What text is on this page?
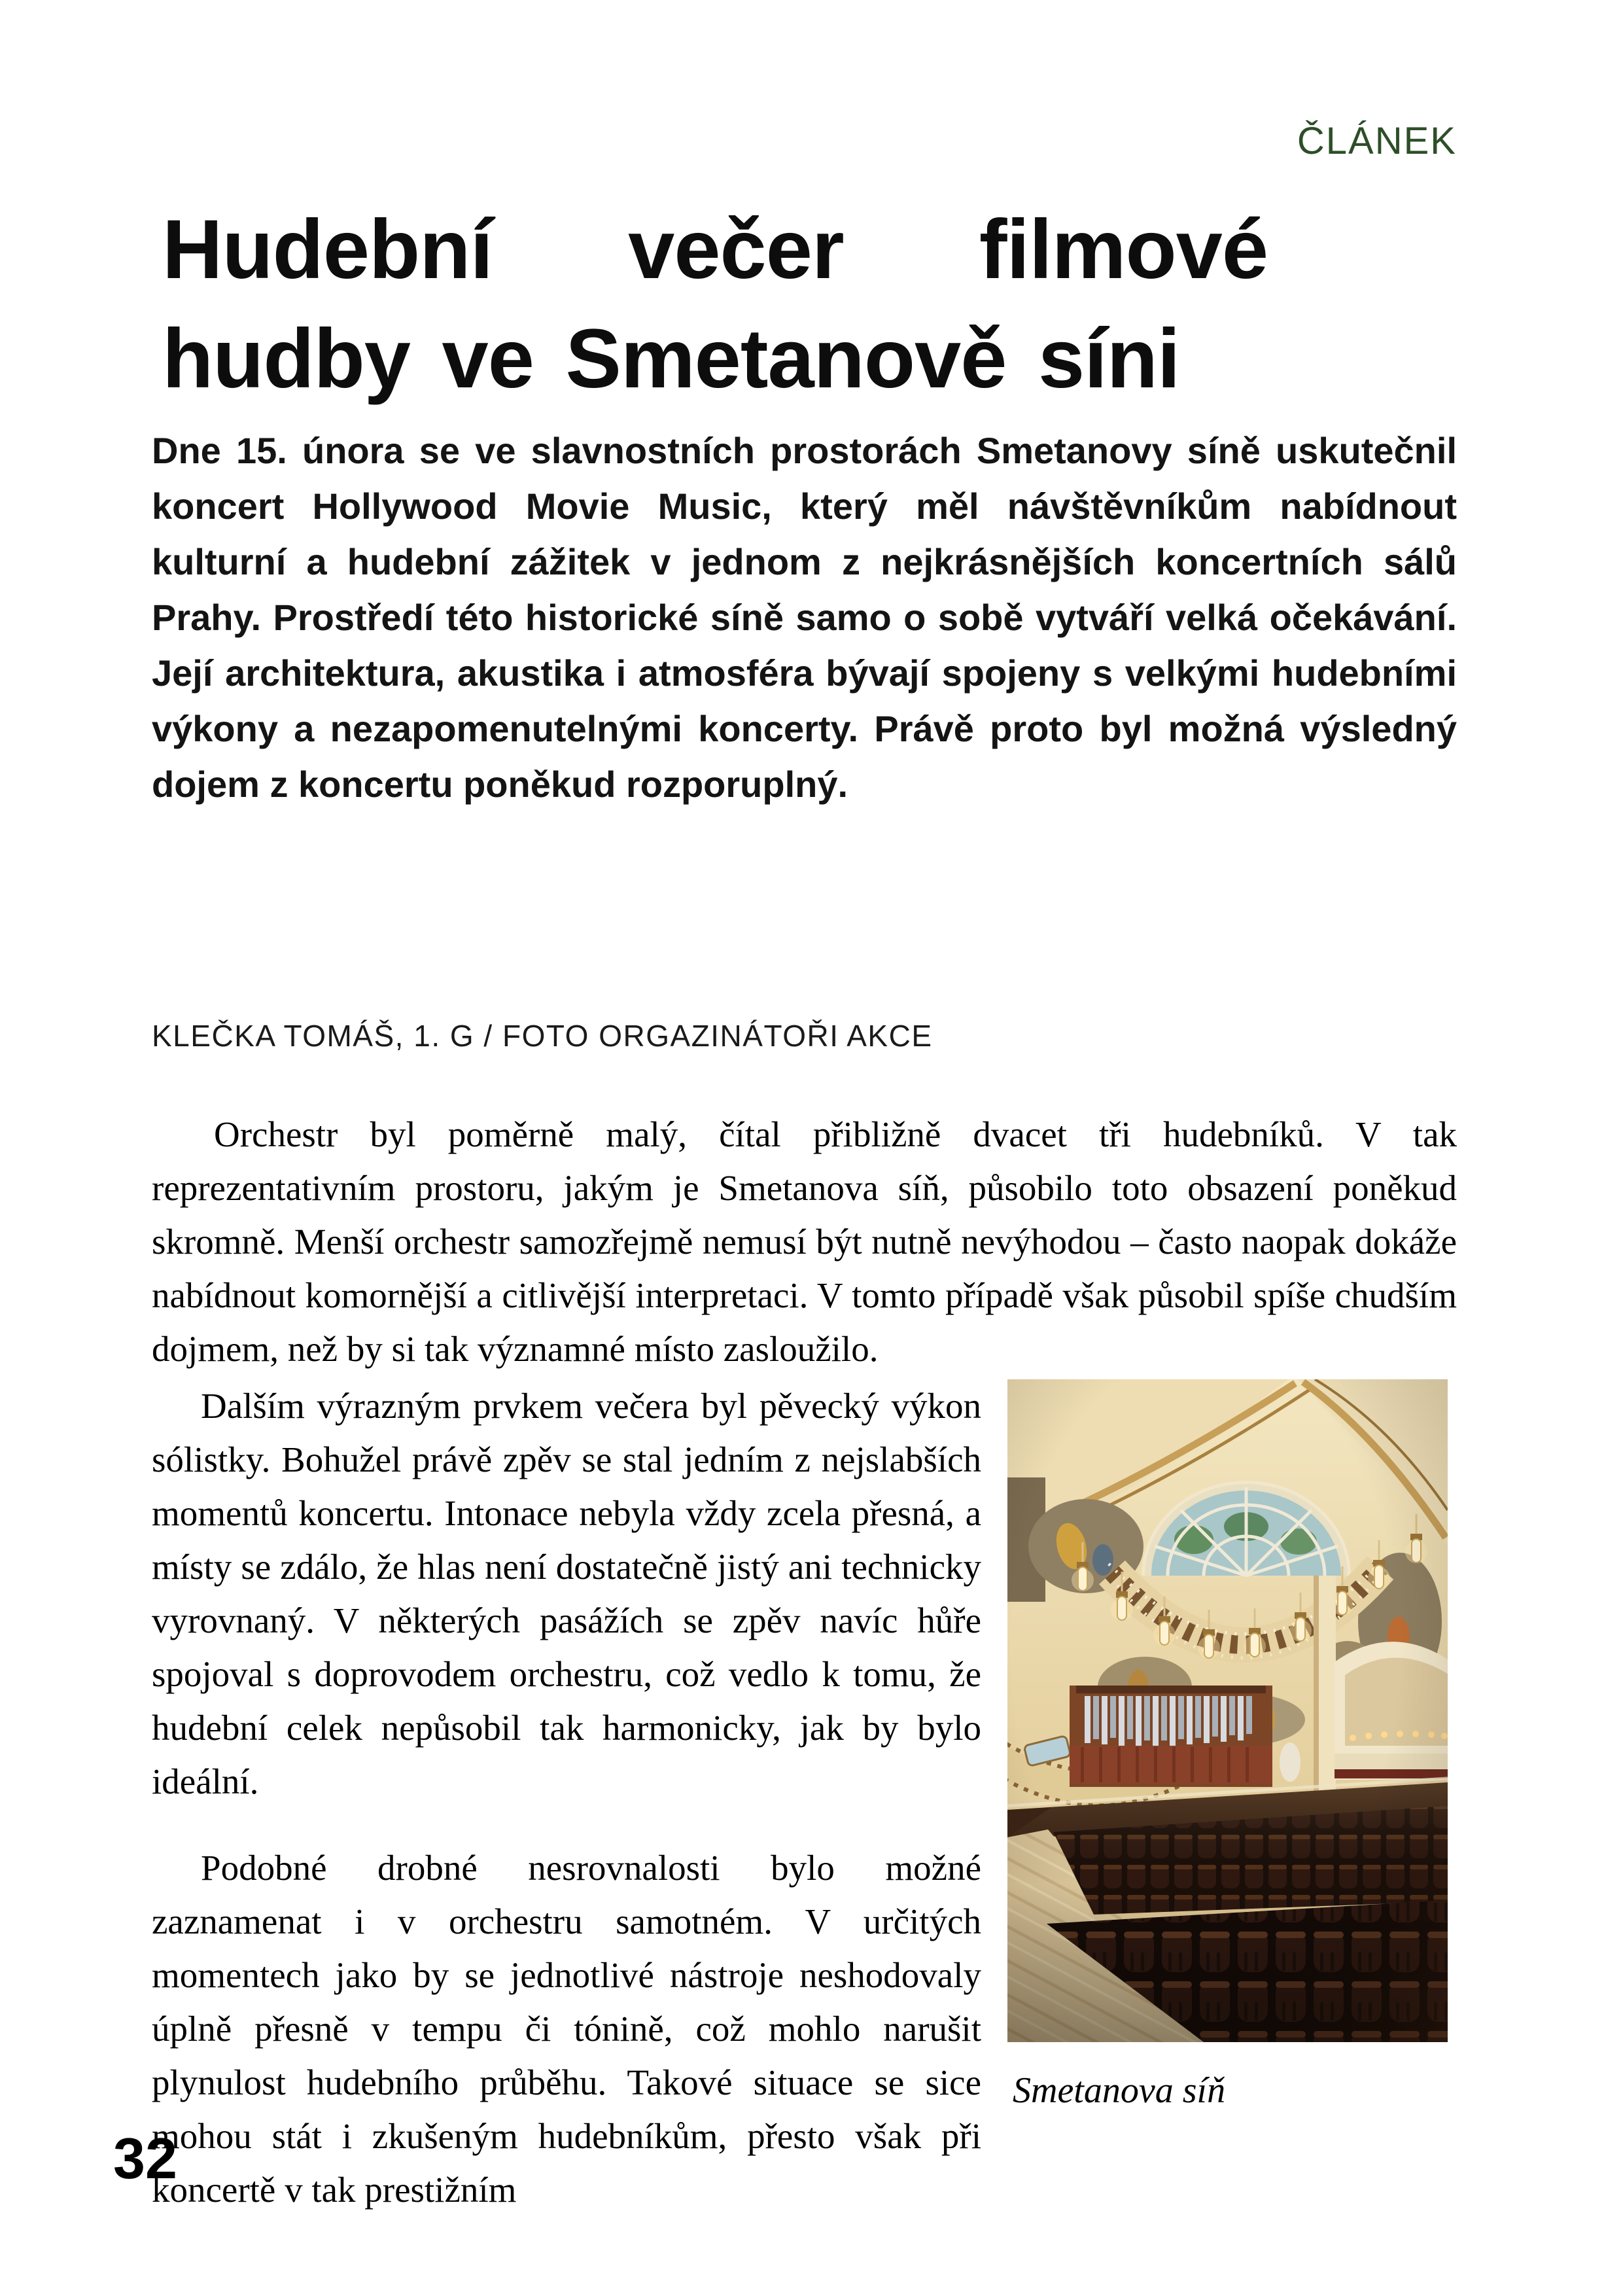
ČLÁNEK
Hudební večer filmové
hudby ve Smetanově síni
Dne 15. února se ve slavnostních prostorách Smetanovy síně uskutečnil koncert Hollywood Movie Music, který měl návštěvníkům nabídnout kulturní a hudební zážitek v jednom z nejkrásnějších koncertních sálů Prahy. Prostředí této historické síně samo o sobě vytváří velká očekávání. Její architektura, akustika i atmosféra bývají spojeny s velkými hudebními výkony a nezapomenutelnými koncerty. Právě proto byl možná výsledný dojem z koncertu poněkud rozporuplný.
KLEČKA TOMÁŠ, 1. G / FOTO ORGAZINÁTOŘI AKCE
Orchestr byl poměrně malý, čítal přibližně dvacet tři hudebníků. V tak reprezentativním prostoru, jakým je Smetanova síň, působilo toto obsazení poněkud skromně. Menší orchestr samozřejmě nemusí být nutně nevýhodou – často naopak dokáže nabídnout komornější a citlivější interpretaci. V tomto případě však působil spíše chudším dojmem, než by si tak významné místo zasloužilo.

Dalším výrazným prvkem večera byl pěvecký výkon sólistky. Bohužel právě zpěv se stal jedním z nejslabších momentů koncertu. Intonace nebyla vždy zcela přesná, a místy se zdálo, že hlas není dostatečně jistý ani technicky vyrovnaný. V některých pasážích se zpěv navíc hůře spojoval s doprovodem orchestru, což vedlo k tomu, že hudební celek nepůsobil tak harmonicky, jak by bylo ideální.

Podobné drobné nesrovnalosti bylo možné zaznamenat i v orchestru samotném. V určitých momentech jako by se jednotlivé nástroje neshodovaly úplně přesně v tempu či tónině, což mohlo narušit plynulost hudebního průběhu. Takové situace se sice mohou stát i zkušeným hudebníkům, přesto však při koncertě v tak prestižním

Smetanova síň
32
